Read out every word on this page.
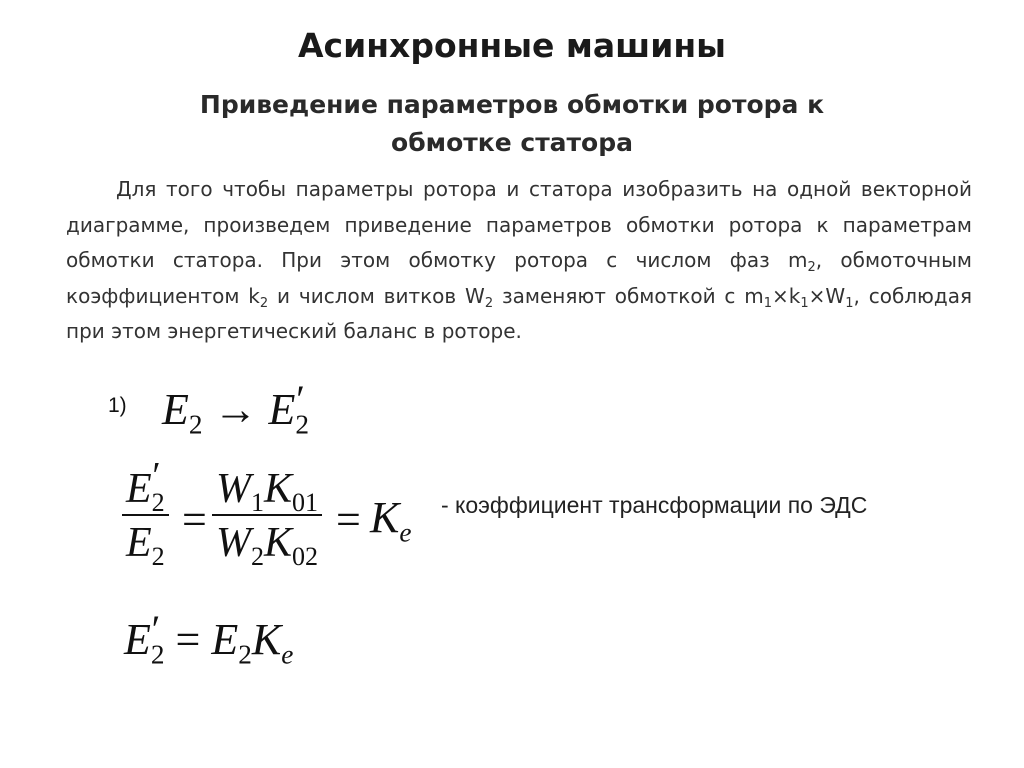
Асинхронные машины
Приведение параметров обмотки ротора к
обмотке статора
Для того чтобы параметры ротора и статора изобразить на одной векторной диаграмме, произведем приведение параметров обмотки ротора к параметрам обмотки статора. При этом обмотку ротора с числом фаз $m_2$, обмоточным коэффициентом $k_2$ и числом витков $W_2$ заменяют обмоткой с $m_1\times k_1\times W_1$, соблюдая при этом энергетический баланс в роторе.
1) $E_2 \to E$ ′
$_2$
E ′
$_2$
$E_2 = \frac{W_1K_{01}}{W_2K_{02}} = K_e$
- коэффициент трансформации по ЭДС
E ′
$_2 = E_2K_e$
